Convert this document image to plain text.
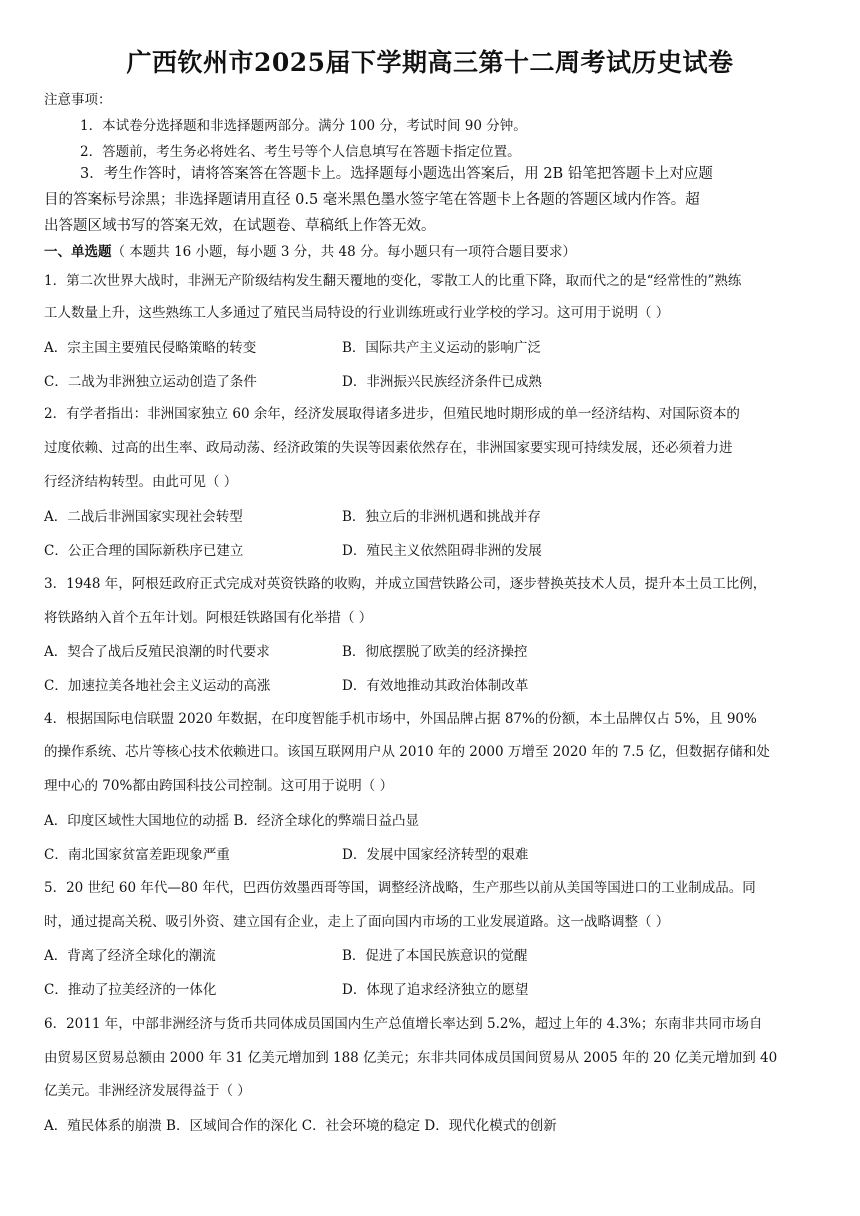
广西钦州市2025届下学期高三第十二周考试历史试卷
注意事项：
1．本试卷分选择题和非选择题两部分。满分 100 分，考试时间 90 分钟。
2．答题前，考生务必将姓名、考生号等个人信息填写在答题卡指定位置。
3．考生作答时，请将答案答在答题卡上。选择题每小题选出答案后，用 2B 铅笔把答题卡上对应题
目的答案标号涂黑；非选择题请用直径 0.5 毫米黑色墨水签字笔在答题卡上各题的答题区域内作答。超
出答题区域书写的答案无效，在试题卷、草稿纸上作答无效。
一、单选题（ 本题共 16 小题，每小题 3 分，共 48 分。每小题只有一项符合题目要求）
1．第二次世界大战时，非洲无产阶级结构发生翻天覆地的变化，零散工人的比重下降，取而代之的是“经常性的”熟练
工人数量上升，这些熟练工人多通过了殖民当局特设的行业训练班或行业学校的学习。这可用于说明（ ）
A．宗主国主要殖民侵略策略的转变	B．国际共产主义运动的影响广泛
C．二战为非洲独立运动创造了条件	D．非洲振兴民族经济条件已成熟
2．有学者指出：非洲国家独立 60 余年，经济发展取得诸多进步，但殖民地时期形成的单一经济结构、对国际资本的
过度依赖、过高的出生率、政局动荡、经济政策的失误等因素依然存在，非洲国家要实现可持续发展，还必须着力进
行经济结构转型。由此可见（ ）
A．二战后非洲国家实现社会转型	B．独立后的非洲机遇和挑战并存
C．公正合理的国际新秩序已建立	D．殖民主义依然阻碍非洲的发展
3．1948 年，阿根廷政府正式完成对英资铁路的收购，并成立国营铁路公司，逐步替换英技术人员，提升本土员工比例，
将铁路纳入首个五年计划。阿根廷铁路国有化举措（ ）
A．契合了战后反殖民浪潮的时代要求	B．彻底摆脱了欧美的经济操控
C．加速拉美各地社会主义运动的高涨	D．有效地推动其政治体制改革
4．根据国际电信联盟 2020 年数据，在印度智能手机市场中，外国品牌占据 87%的份额，本土品牌仅占 5%，且 90%
的操作系统、芯片等核心技术依赖进口。该国互联网用户从 2010 年的 2000 万增至 2020 年的 7.5 亿，但数据存储和处
理中心的 70%都由跨国科技公司控制。这可用于说明（ ）
A．印度区域性大国地位的动摇 B．经济全球化的弊端日益凸显
C．南北国家贫富差距现象严重	D．发展中国家经济转型的艰难
5．20 世纪 60 年代—80 年代，巴西仿效墨西哥等国，调整经济战略，生产那些以前从美国等国进口的工业制成品。同
时，通过提高关税、吸引外资、建立国有企业，走上了面向国内市场的工业发展道路。这一战略调整（ ）
A．背离了经济全球化的潮流	B．促进了本国民族意识的觉醒
C．推动了拉美经济的一体化	D．体现了追求经济独立的愿望
6．2011 年，中部非洲经济与货币共同体成员国国内生产总值增长率达到 5.2%，超过上年的 4.3%；东南非共同市场自
由贸易区贸易总额由 2000 年 31 亿美元增加到 188 亿美元；东非共同体成员国间贸易从 2005 年的 20 亿美元增加到 40
亿美元。非洲经济发展得益于（ ）
A．殖民体系的崩溃 B．区域间合作的深化 C．社会环境的稳定 D．现代化模式的创新
